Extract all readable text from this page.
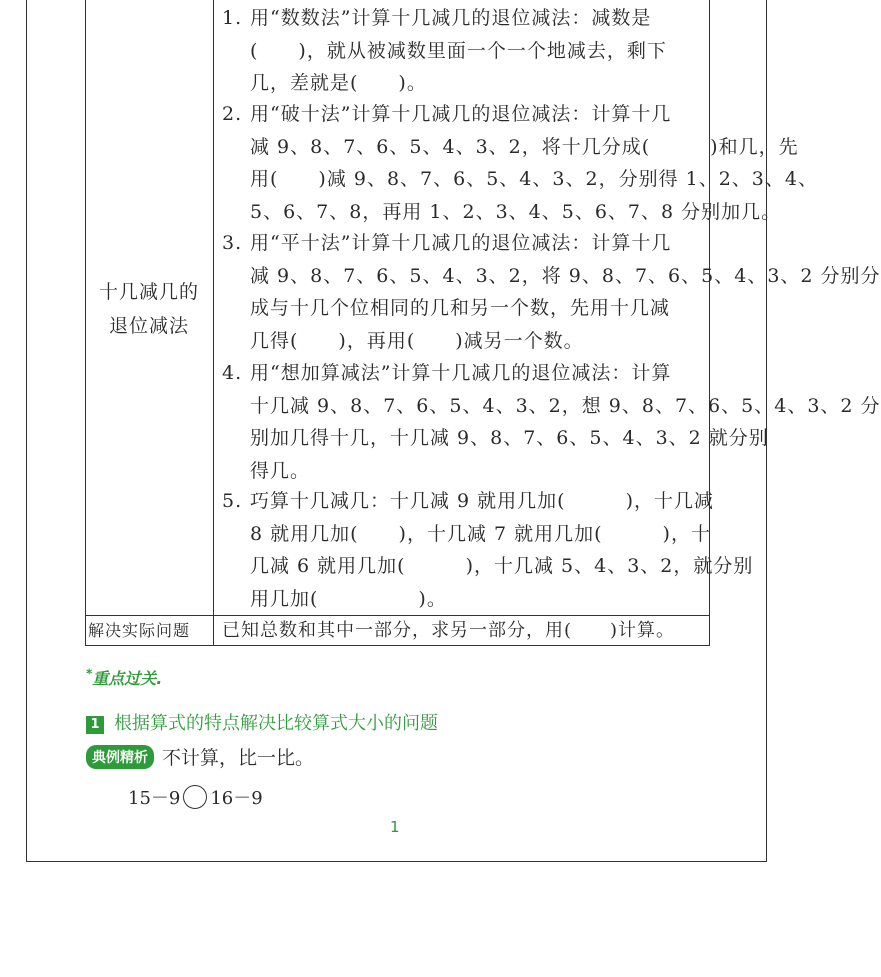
十几减几的
退位减法
1. 用“数数法”计算十几减几的退位减法：减数是
(　　)，就从被减数里面一个一个地减去，剩下
几，差就是(　　)。
2. 用“破十法”计算十几减几的退位减法：计算十几
减 9、8、7、6、5、4、3、2，将十几分成(　　　)和几，先
用(　　)减 9、8、7、6、5、4、3、2，分别得 1、2、3、4、
5、6、7、8，再用 1、2、3、4、5、6、7、8 分别加几。
3. 用“平十法”计算十几减几的退位减法：计算十几
减 9、8、7、6、5、4、3、2，将 9、8、7、6、5、4、3、2 分别分
成与十几个位相同的几和另一个数，先用十几减
几得(　　)，再用(　　)减另一个数。
4. 用“想加算减法”计算十几减几的退位减法：计算
十几减 9、8、7、6、5、4、3、2，想 9、8、7、6、5、4、3、2 分
别加几得十几，十几减 9、8、7、6、5、4、3、2 就分别
得几。
5. 巧算十几减几：十几减 9 就用几加(　　　)，十几减
8 就用几加(　　)，十几减 7 就用几加(　　　)，十
几减 6 就用几加(　　　)，十几减 5、4、3、2，就分别
用几加(　　　　　)。
解决实际问题 已知总数和其中一部分，求另一部分，用(　　)计算。
*重点过关.
1 根据算式的特点解决比较算式大小的问题
典例精析 不计算，比一比。
15－9 16－9
1
